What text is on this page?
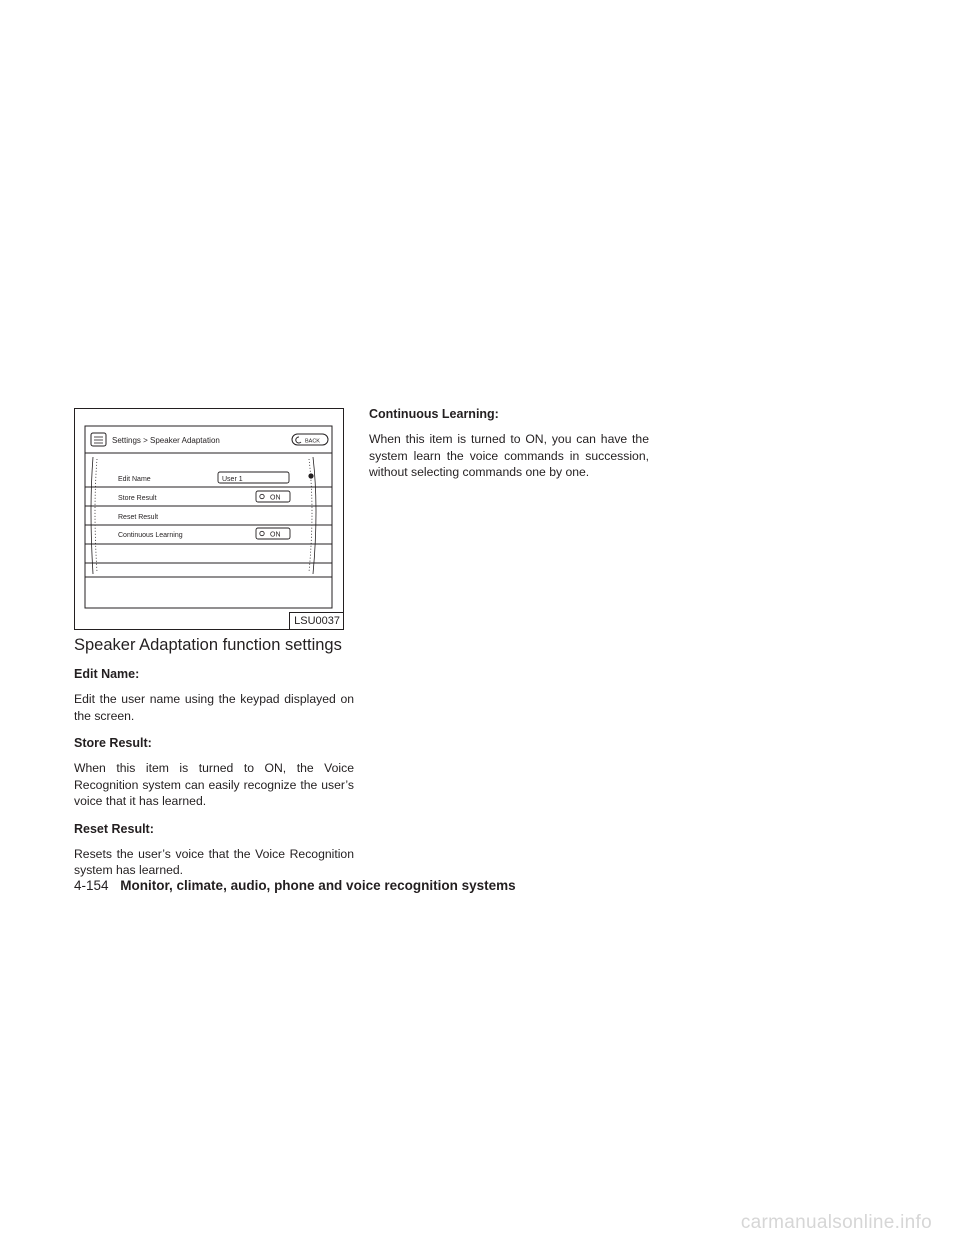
Settings > Speaker Adaptation	BACK
Edit Name	User 1
Store Result	ON
Reset Result
Continuous Learning	ON
LSU0037
Speaker Adaptation function settings
Edit Name:

Edit the user name using the keypad displayed on the screen.

Store Result:

When this item is turned to ON, the Voice Recognition system can easily recognize the user’s voice that it has learned.

Reset Result:

Resets the user’s voice that the Voice Recognition system has learned.

Continuous Learning:

When this item is turned to ON, you can have the system learn the voice commands in succession, without selecting commands one by one.

4-154 Monitor, climate, audio, phone and voice recognition systems
carmanualsonline.info
